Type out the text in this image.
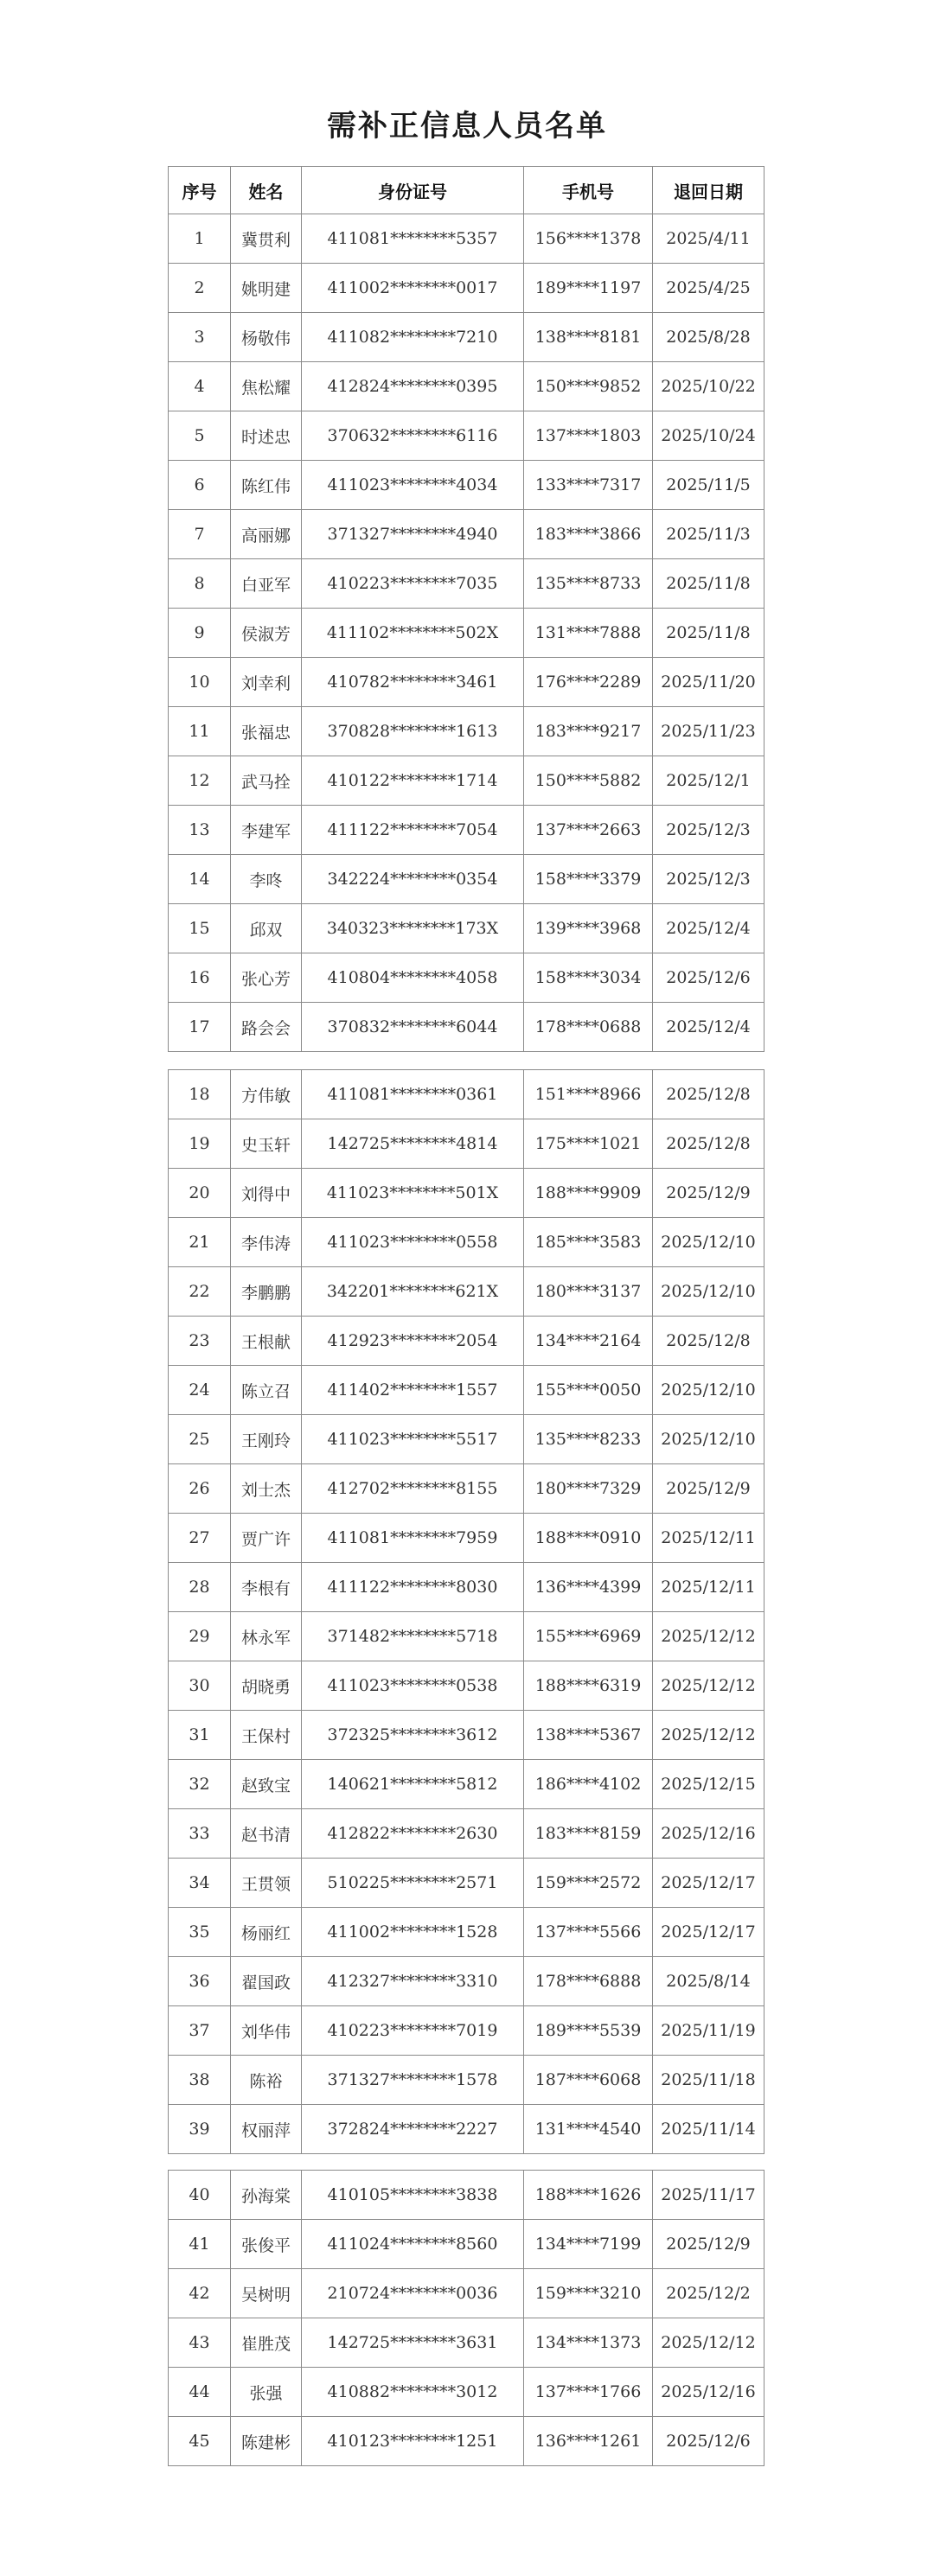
需补正信息人员名单
序号	姓名	身份证号	手机号	退回日期
1	冀贯利	411081********5357	156****1378	2025/4/11
2	姚明建	411002********0017	189****1197	2025/4/25
3	杨敬伟	411082********7210	138****8181	2025/8/28
4	焦松耀	412824********0395	150****9852	2025/10/22
5	时述忠	370632********6116	137****1803	2025/10/24
6	陈红伟	411023********4034	133****7317	2025/11/5
7	高丽娜	371327********4940	183****3866	2025/11/3
8	白亚军	410223********7035	135****8733	2025/11/8
9	侯淑芳	411102********502X	131****7888	2025/11/8
10	刘幸利	410782********3461	176****2289	2025/11/20
11	张福忠	370828********1613	183****9217	2025/11/23
12	武马拴	410122********1714	150****5882	2025/12/1
13	李建军	411122********7054	137****2663	2025/12/3
14	李咚	342224********0354	158****3379	2025/12/3
15	邱双	340323********173X	139****3968	2025/12/4
16	张心芳	410804********4058	158****3034	2025/12/6
17	路会会	370832********6044	178****0688	2025/12/4
18	方伟敏	411081********0361	151****8966	2025/12/8
19	史玉轩	142725********4814	175****1021	2025/12/8
20	刘得中	411023********501X	188****9909	2025/12/9
21	李伟涛	411023********0558	185****3583	2025/12/10
22	李鹏鹏	342201********621X	180****3137	2025/12/10
23	王根献	412923********2054	134****2164	2025/12/8
24	陈立召	411402********1557	155****0050	2025/12/10
25	王刚玲	411023********5517	135****8233	2025/12/10
26	刘士杰	412702********8155	180****7329	2025/12/9
27	贾广许	411081********7959	188****0910	2025/12/11
28	李根有	411122********8030	136****4399	2025/12/11
29	林永军	371482********5718	155****6969	2025/12/12
30	胡晓勇	411023********0538	188****6319	2025/12/12
31	王保村	372325********3612	138****5367	2025/12/12
32	赵致宝	140621********5812	186****4102	2025/12/15
33	赵书清	412822********2630	183****8159	2025/12/16
34	王贯领	510225********2571	159****2572	2025/12/17
35	杨丽红	411002********1528	137****5566	2025/12/17
36	翟国政	412327********3310	178****6888	2025/8/14
37	刘华伟	410223********7019	189****5539	2025/11/19
38	陈裕	371327********1578	187****6068	2025/11/18
39	权丽萍	372824********2227	131****4540	2025/11/14
40	孙海棠	410105********3838	188****1626	2025/11/17
41	张俊平	411024********8560	134****7199	2025/12/9
42	吴树明	210724********0036	159****3210	2025/12/2
43	崔胜茂	142725********3631	134****1373	2025/12/12
44	张强	410882********3012	137****1766	2025/12/16
45	陈建彬	410123********1251	136****1261	2025/12/6
